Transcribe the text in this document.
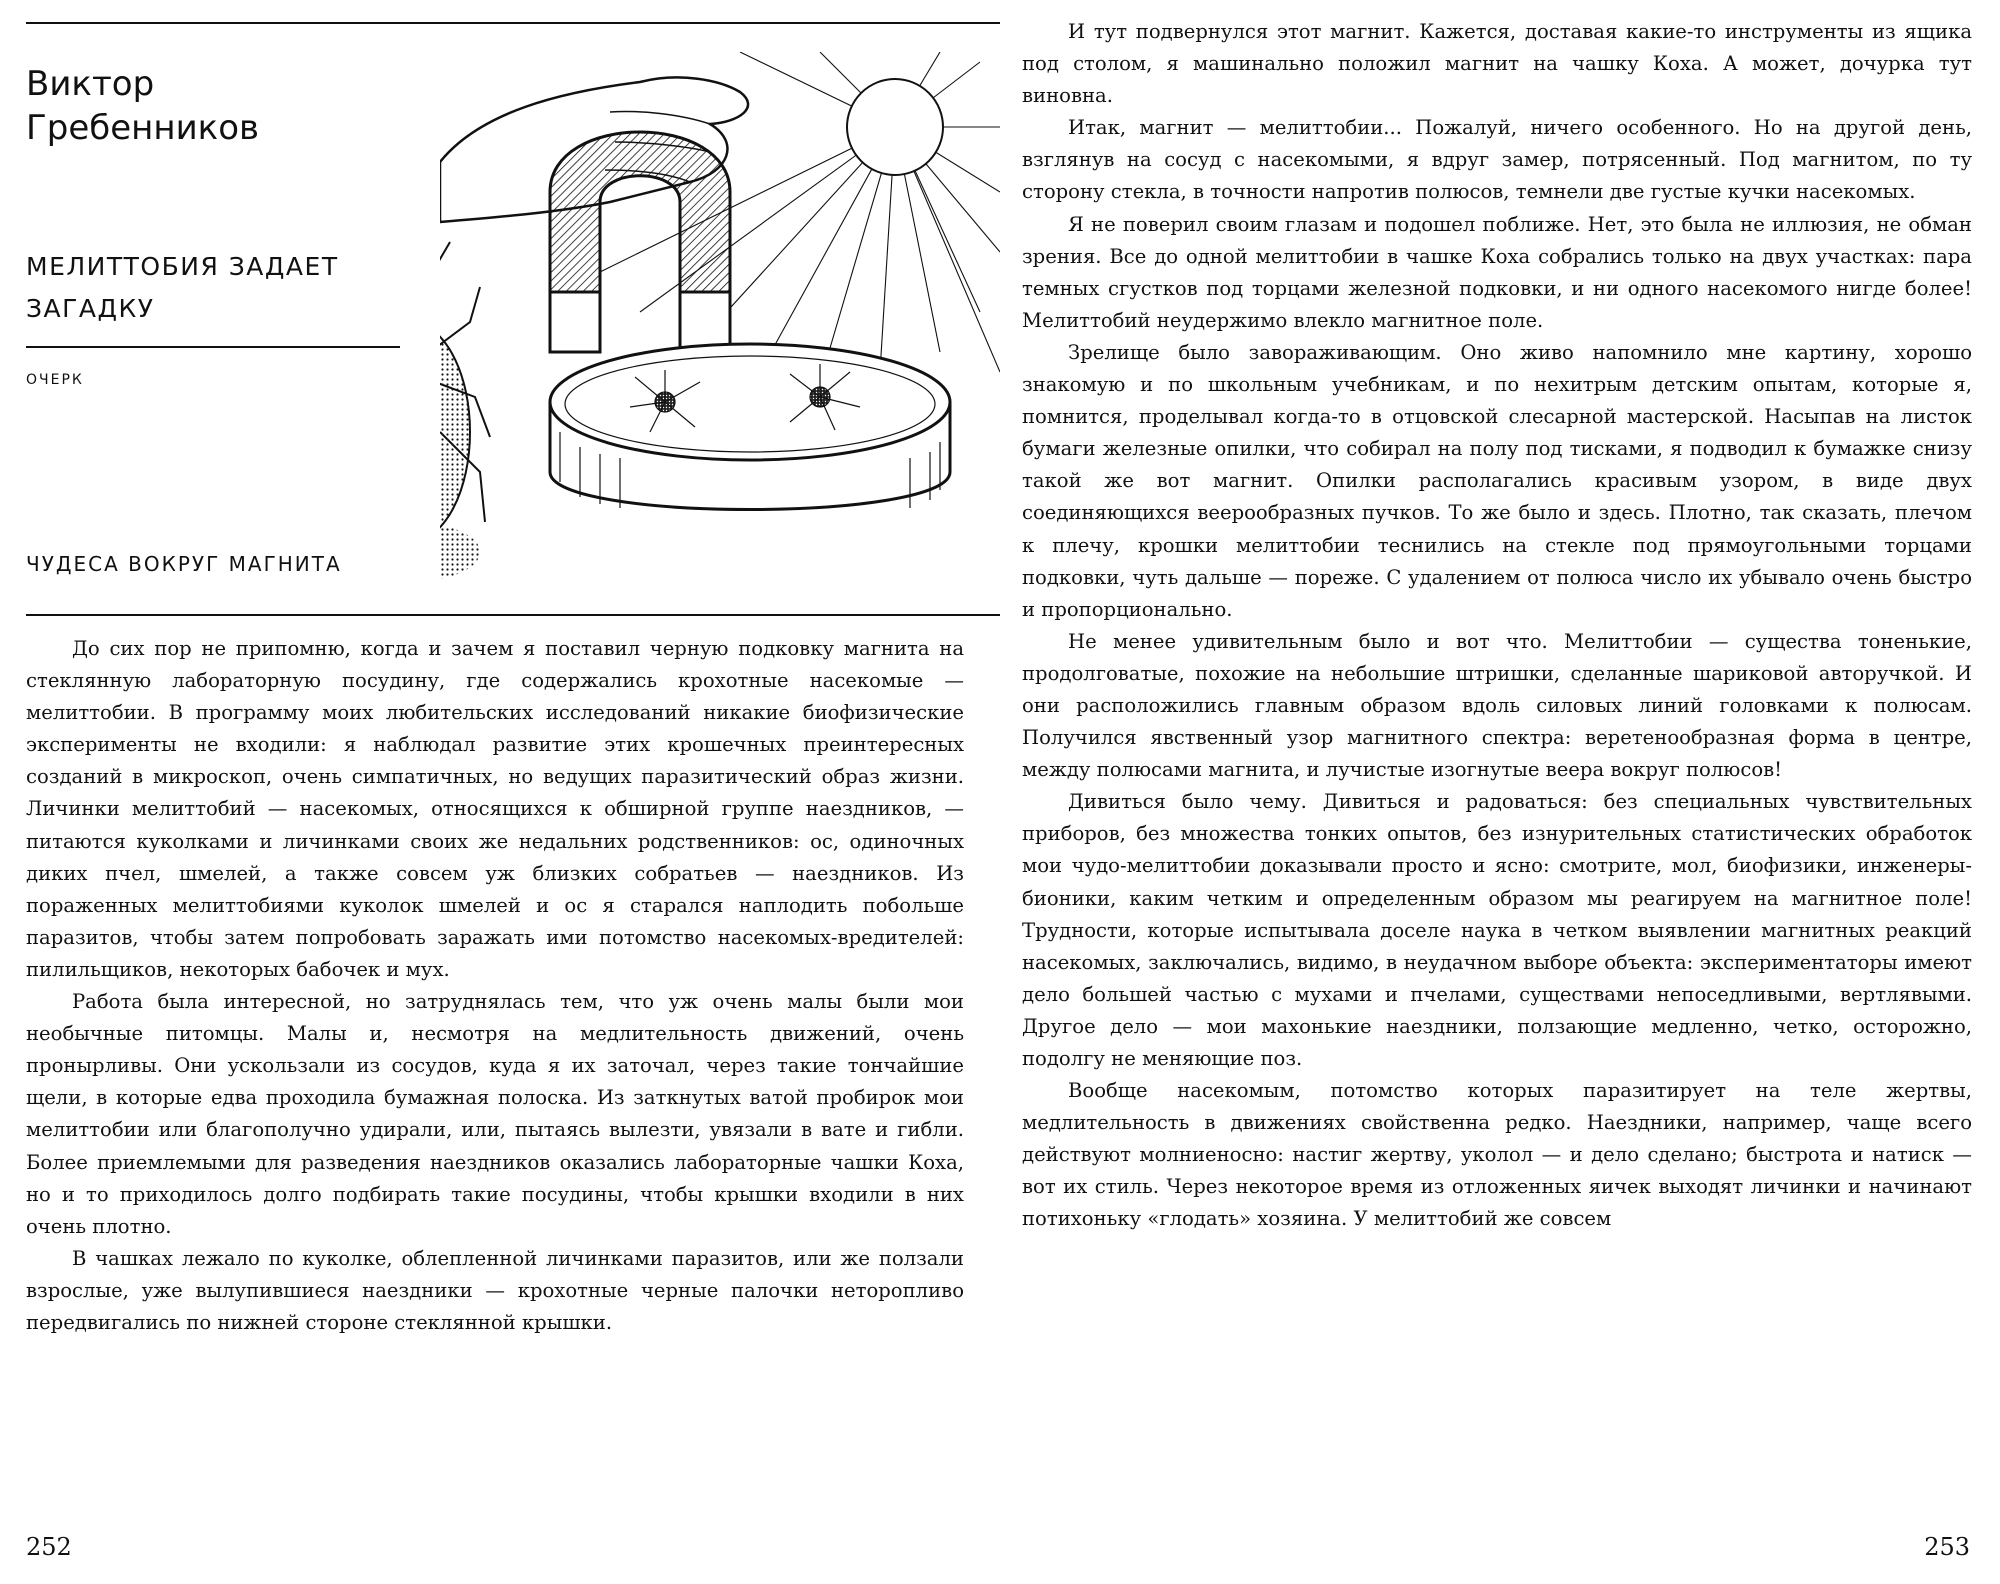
Виктор
Гребенников
МЕЛИТТОБИЯ ЗАДАЕТ
ЗАГАДКУ
ОЧЕРК
ЧУДЕСА ВОКРУГ МАГНИТА

До сих пор не припомню, когда и зачем я поставил черную подковку магнита на стеклянную лабораторную посудину, где содержались крохотные насекомые — мелиттобии. В программу моих любительских исследований никакие биофизические эксперименты не входили: я наблюдал развитие этих крошечных преинтересных созданий в микроскоп, очень симпатичных, но ведущих паразитический образ жизни. Личинки мелиттобий — насекомых, относящихся к обширной группе наездников, — питаются куколками и личинками своих же недальних родственников: ос, одиночных диких пчел, шмелей, а также совсем уж близких собратьев — наездников. Из пораженных мелиттобиями куколок шмелей и ос я старался наплодить побольше паразитов, чтобы затем попробовать заражать ими потомство насекомых-вредителей: пилильщиков, некоторых бабочек и мух.

Работа была интересной, но затруднялась тем, что уж очень малы были мои необычные питомцы. Малы и, несмотря на медлительность движений, очень пронырливы. Они ускользали из сосудов, куда я их заточал, через такие тончайшие щели, в которые едва проходила бумажная полоска. Из заткнутых ватой пробирок мои мелиттобии или благополучно удирали, или, пытаясь вылезти, увязали в вате и гибли. Более приемлемыми для разведения наездников оказались лабораторные чашки Коха, но и то приходилось долго подбирать такие посудины, чтобы крышки входили в них очень плотно.

В чашках лежало по куколке, облепленной личинками паразитов, или же ползали взрослые, уже вылупившиеся наездники — крохотные черные палочки неторопливо передвигались по нижней стороне стеклянной крышки.

И тут подвернулся этот магнит. Кажется, доставая какие-то инструменты из ящика под столом, я машинально положил магнит на чашку Коха. А может, дочурка тут виновна.

Итак, магнит — мелиттобии... Пожалуй, ничего особенного. Но на другой день, взглянув на сосуд с насекомыми, я вдруг замер, потрясенный. Под магнитом, по ту сторону стекла, в точности напротив полюсов, темнели две густые кучки насекомых.

Я не поверил своим глазам и подошел поближе. Нет, это была не иллюзия, не обман зрения. Все до одной мелиттобии в чашке Коха собрались только на двух участках: пара темных сгустков под торцами железной подковки, и ни одного насекомого нигде более! Мелиттобий неудержимо влекло магнитное поле.

Зрелище было завораживающим. Оно живо напомнило мне картину, хорошо знакомую и по школьным учебникам, и по нехитрым детским опытам, которые я, помнится, проделывал когда-то в отцовской слесарной мастерской. Насыпав на листок бумаги железные опилки, что собирал на полу под тисками, я подводил к бумажке снизу такой же вот магнит. Опилки располагались красивым узором, в виде двух соединяющихся веерообразных пучков. То же было и здесь. Плотно, так сказать, плечом к плечу, крошки мелиттобии теснились на стекле под прямоугольными торцами подковки, чуть дальше — пореже. С удалением от полюса число их убывало очень быстро и пропорционально.

Не менее удивительным было и вот что. Мелиттобии — существа тоненькие, продолговатые, похожие на небольшие штришки, сделанные шариковой авторучкой. И они расположились главным образом вдоль силовых линий головками к полюсам. Получился явственный узор магнитного спектра: веретенообразная форма в центре, между полюсами магнита, и лучистые изогнутые веера вокруг полюсов!

Дивиться было чему. Дивиться и радоваться: без специальных чувствительных приборов, без множества тонких опытов, без изнурительных статистических обработок мои чудо-мелиттобии доказывали просто и ясно: смотрите, мол, биофизики, инженеры-бионики, каким четким и определенным образом мы реагируем на магнитное поле! Трудности, которые испытывала доселе наука в четком выявлении магнитных реакций насекомых, заключались, видимо, в неудачном выборе объекта: экспериментаторы имеют дело большей частью с мухами и пчелами, существами непоседливыми, вертлявыми. Другое дело — мои махонькие наездники, ползающие медленно, четко, осторожно, подолгу не меняющие поз.

Вообще насекомым, потомство которых паразитирует на теле жертвы, медлительность в движениях свойственна редко. Наездники, например, чаще всего действуют молниеносно: настиг жертву, уколол — и дело сделано; быстрота и натиск — вот их стиль. Через некоторое время из отложенных яичек выходят личинки и начинают потихоньку «глодать» хозяина. У мелиттобий же совсем

252	253
